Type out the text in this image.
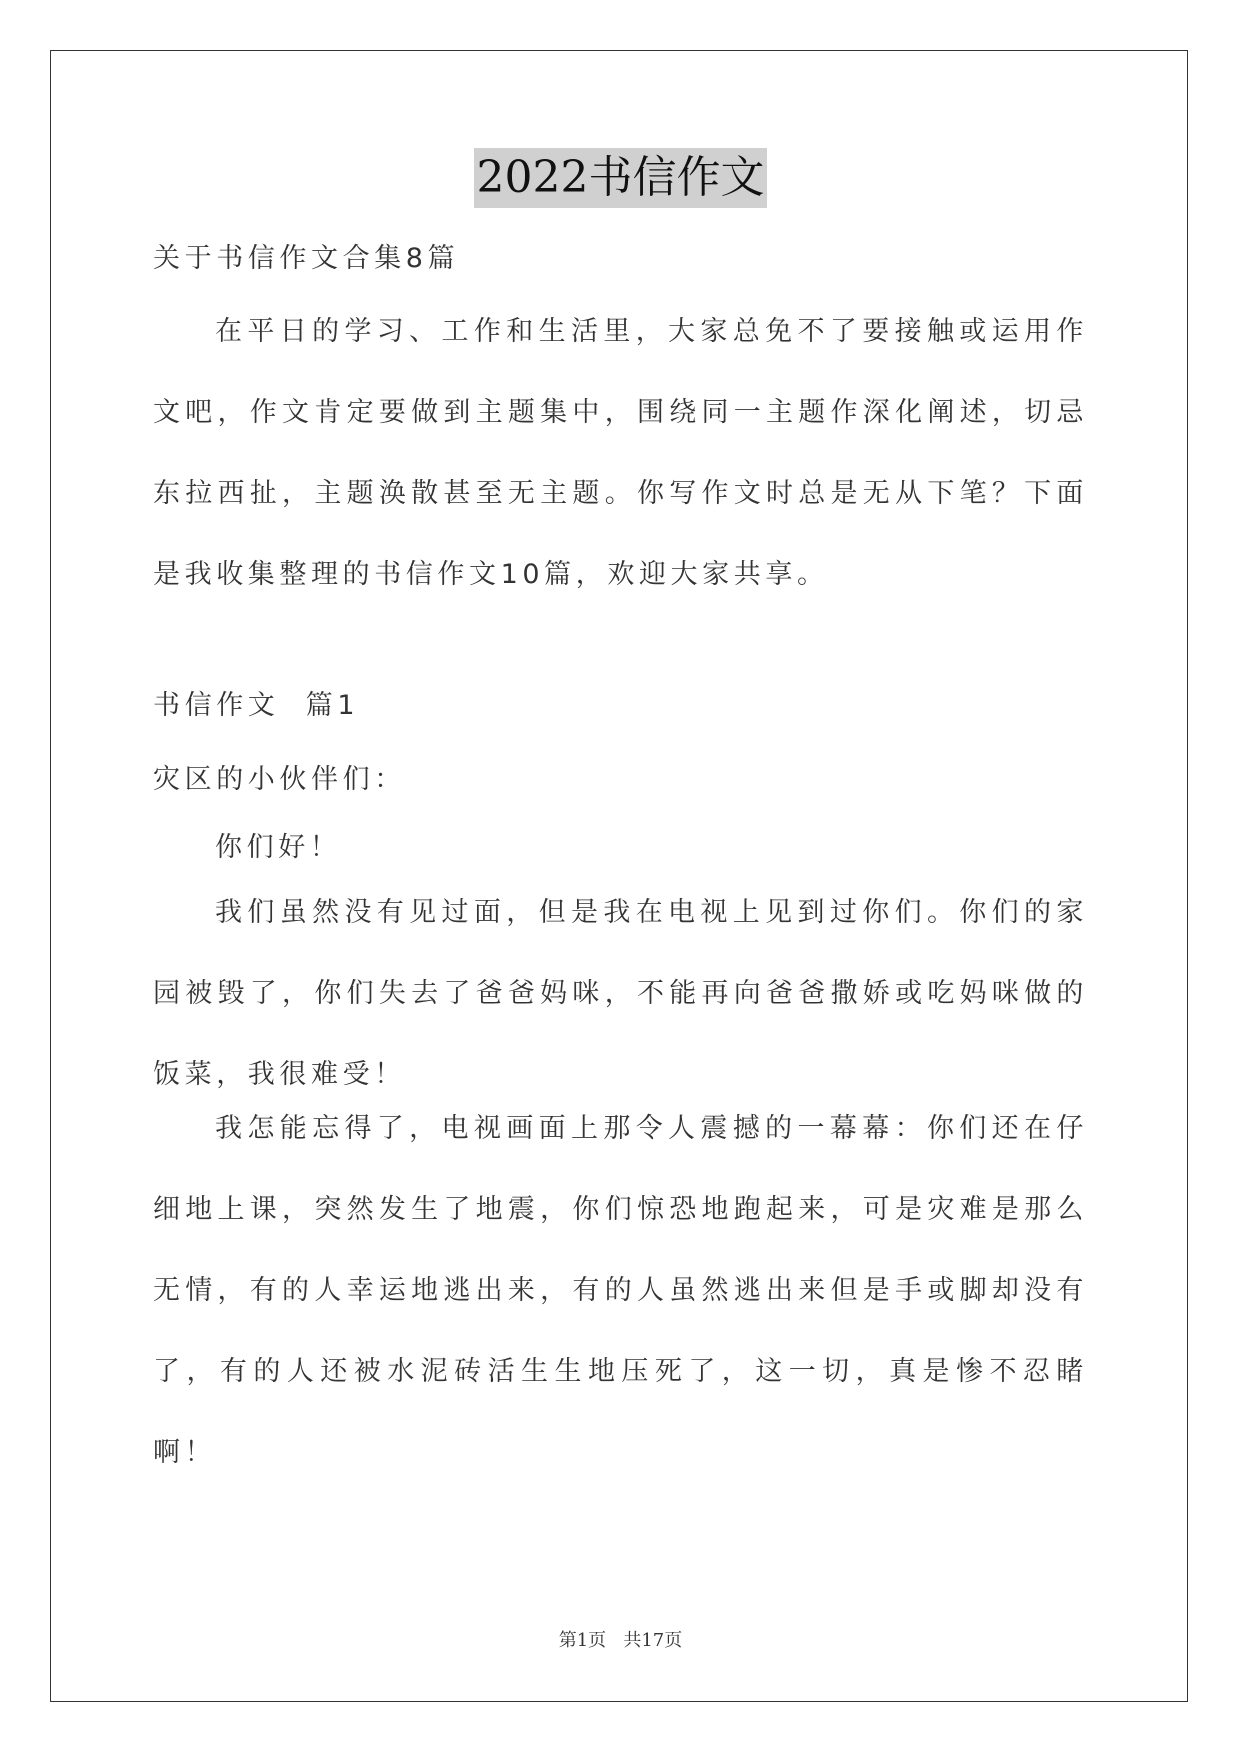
2022书信作文
关于书信作文合集8篇
在平日的学习、工作和生活里，大家总免不了要接触或运用作文吧，作文肯定要做到主题集中，围绕同一主题作深化阐述，切忌东拉西扯，主题涣散甚至无主题。你写作文时总是无从下笔？下面是我收集整理的书信作文10篇，欢迎大家共享。
书信作文  篇1
灾区的小伙伴们：
你们好！
我们虽然没有见过面，但是我在电视上见到过你们。你们的家园被毁了，你们失去了爸爸妈咪，不能再向爸爸撒娇或吃妈咪做的饭菜，我很难受！
我怎能忘得了，电视画面上那令人震撼的一幕幕：你们还在仔细地上课，突然发生了地震，你们惊恐地跑起来，可是灾难是那么无情，有的人幸运地逃出来，有的人虽然逃出来但是手或脚却没有了，有的人还被水泥砖活生生地压死了，这一切，真是惨不忍睹啊！
第1页   共17页
